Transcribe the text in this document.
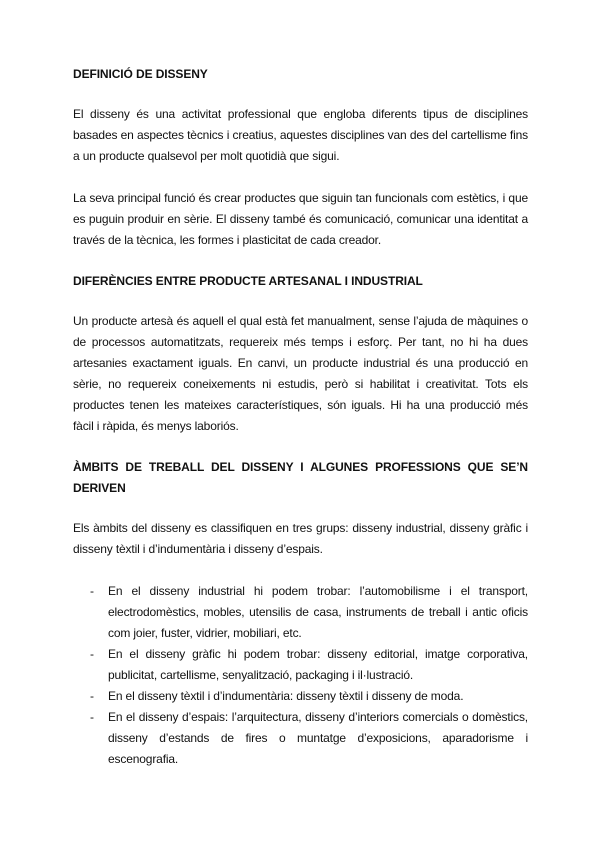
DEFINICIÓ DE DISSENY

El disseny és una activitat professional que engloba diferents tipus de disciplines basades en aspectes tècnics i creatius, aquestes disciplines van des del cartellisme fins a un producte qualsevol per molt quotidià que sigui.

La seva principal funció és crear productes que siguin tan funcionals com estètics, i que es puguin produir en sèrie. El disseny també és comunicació, comunicar una identitat a través de la tècnica, les formes i plasticitat de cada creador.

DIFERÈNCIES ENTRE PRODUCTE ARTESANAL I INDUSTRIAL

Un producte artesà és aquell el qual està fet manualment, sense l’ajuda de màquines o de processos automatitzats, requereix més temps i esforç. Per tant, no hi ha dues artesanies exactament iguals. En canvi, un producte industrial és una producció en sèrie, no requereix coneixements ni estudis, però si habilitat i creativitat. Tots els productes tenen les mateixes característiques, són iguals. Hi ha una producció més fàcil i ràpida, és menys laboriós.

ÀMBITS DE TREBALL DEL DISSENY I ALGUNES PROFESSIONS QUE SE’N DERIVEN

Els àmbits del disseny es classifiquen en tres grups: disseny industrial, disseny gràfic i disseny tèxtil i d’indumentària i disseny d’espais.

- En el disseny industrial hi podem trobar: l’automobilisme i el transport, electrodomèstics, mobles, utensilis de casa, instruments de treball i antic oficis com joier, fuster, vidrier, mobiliari, etc.
- En el disseny gràfic hi podem trobar: disseny editorial, imatge corporativa, publicitat, cartellisme, senyalització, packaging i il·lustració.
- En el disseny tèxtil i d’indumentària: disseny tèxtil i disseny de moda.
- En el disseny d’espais: l’arquitectura, disseny d’interiors comercials o domèstics, disseny d’estands de fires o muntatge d’exposicions, aparadorisme i escenografia.
